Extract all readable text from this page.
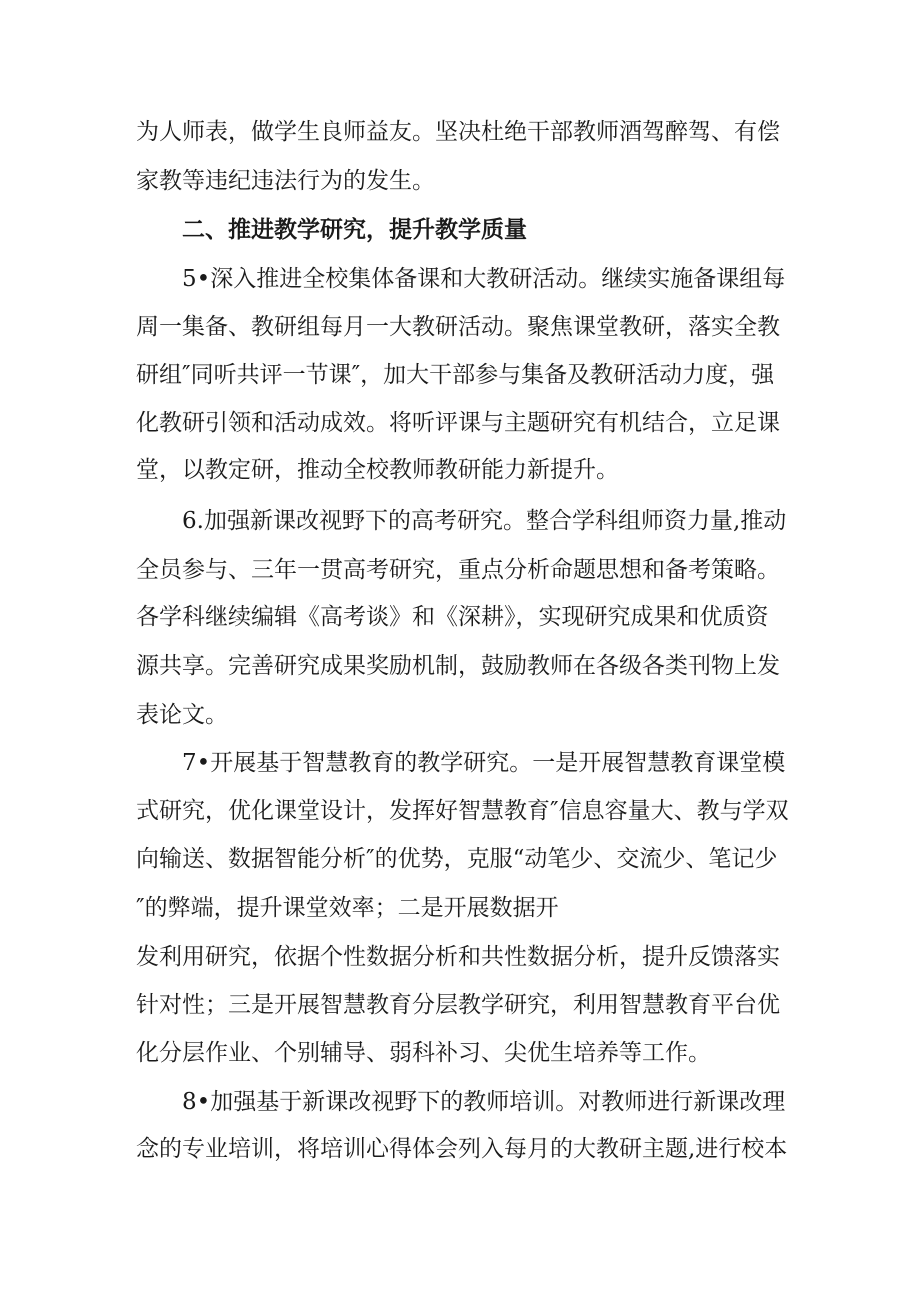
为人师表，做学生良师益友。坚决杜绝干部教师酒驾醉驾、有偿
家教等违纪违法行为的发生。
二、推进教学研究，提升教学质量
5•深入推进全校集体备课和大教研活动。继续实施备课组每
周一集备、教研组每月一大教研活动。聚焦课堂教研，落实全教
研组″同听共评一节课″，加大干部参与集备及教研活动力度，强
化教研引领和活动成效。将听评课与主题研究有机结合，立足课
堂，以教定研，推动全校教师教研能力新提升。
6.加强新课改视野下的高考研究。整合学科组师资力量,推动
全员参与、三年一贯高考研究，重点分析命题思想和备考策略。
各学科继续编辑《高考谈》和《深耕》，实现研究成果和优质资
源共享。完善研究成果奖励机制，鼓励教师在各级各类刊物上发
表论文。
7•开展基于智慧教育的教学研究。一是开展智慧教育课堂模
式研究，优化课堂设计，发挥好智慧教育″信息容量大、教与学双
向输送、数据智能分析″的优势，克服“动笔少、交流少、笔记少
″的弊端，提升课堂效率；二是开展数据开
发利用研究，依据个性数据分析和共性数据分析，提升反馈落实
针对性；三是开展智慧教育分层教学研究，利用智慧教育平台优
化分层作业、个别辅导、弱科补习、尖优生培养等工作。
8•加强基于新课改视野下的教师培训。对教师进行新课改理
念的专业培训，将培训心得体会列入每月的大教研主题,进行校本
